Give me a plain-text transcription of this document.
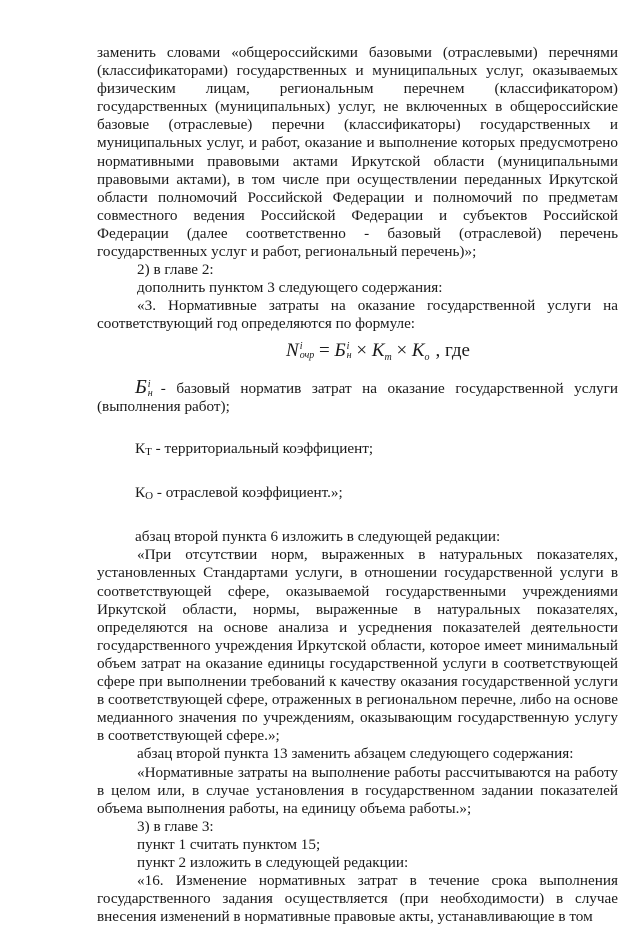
заменить словами «общероссийскими базовыми (отраслевыми) перечнями (классификаторами) государственных и муниципальных услуг, оказываемых физическим лицам, региональным перечнем (классификатором) государственных (муниципальных) услуг, не включенных в общероссийские базовые (отраслевые) перечни (классификаторы) государственных и муниципальных услуг, и работ, оказание и выполнение которых предусмотрено нормативными правовыми актами Иркутской области (муниципальными правовыми актами), в том числе при осуществлении переданных Иркутской области полномочий Российской Федерации и полномочий по предметам совместного ведения Российской Федерации и субъектов Российской Федерации (далее соответственно - базовый (отраслевой) перечень государственных услуг и работ, региональный перечень)»;

2) в главе 2:

дополнить пунктом 3 следующего содержания:

«3. Нормативные затраты на оказание государственной услуги на соответствующий год определяются по формуле:

N i
очр = Б i
$н \times К_т \times К_о$ , где

Б i
н - базовый норматив затрат на оказание государственной услуги (выполнения работ);

КТ - территориальный коэффициент;

КО - отраслевой коэффициент.»;

абзац второй пункта 6 изложить в следующей редакции:

«При отсутствии норм, выраженных в натуральных показателях, установленных Стандартами услуги, в отношении государственной услуги в соответствующей сфере, оказываемой государственными учреждениями Иркутской области, нормы, выраженные в натуральных показателях, определяются на основе анализа и усреднения показателей деятельности государственного учреждения Иркутской области, которое имеет минимальный объем затрат на оказание единицы государственной услуги в соответствующей сфере при выполнении требований к качеству оказания государственной услуги в соответствующей сфере, отраженных в региональном перечне, либо на основе медианного значения по учреждениям, оказывающим государственную услугу в соответствующей сфере.»;

абзац второй пункта 13 заменить абзацем следующего содержания:

«Нормативные затраты на выполнение работы рассчитываются на работу в целом или, в случае установления в государственном задании показателей объема выполнения работы, на единицу объема работы.»;

3) в главе 3:

пункт 1 считать пунктом 15;

пункт 2 изложить в следующей редакции:

«16. Изменение нормативных затрат в течение срока выполнения государственного задания осуществляется (при необходимости) в случае внесения изменений в нормативные правовые акты, устанавливающие в том
